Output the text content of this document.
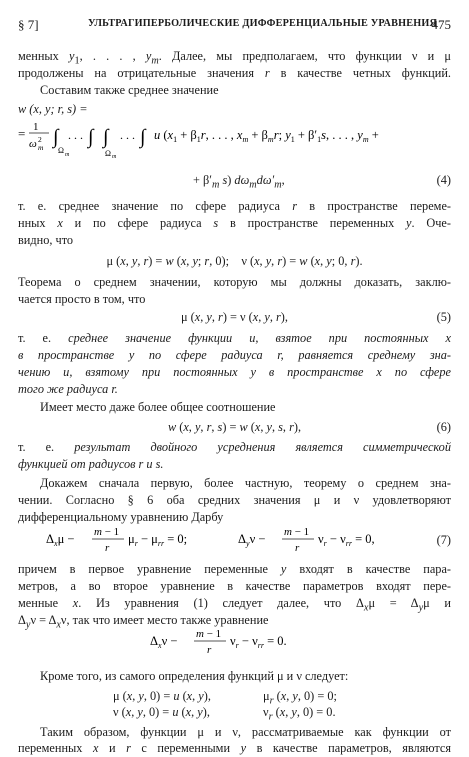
§ 7]	УЛЬТРАГИПЕРБОЛИЧЕСКИЕ ДИФФЕРЕНЦИАЛЬНЫЕ УРАВНЕНИЯ
475
менных $y_1$, . . . , $y_m$. Далее, мы предполагаем, что функции ν и μ
продолжены на отрицательные значения r в качестве четных функций.
Составим также среднее значение
w (x, y; r, s) =
= 1
ω 2
m ∫
Ω m
. . . ∫ ∫
Ω m
. . . ∫ u ($x_1 + \beta_1r$, . . . , $x_m + \beta_mr$; $y_1 + \beta'_1s$, . . . , $y_m$ +
+ $\beta'_m$ s) $d\omega_md\omega'_m$,	(4)
т. е. среднее значение по сфере радиуса r в пространстве переме-
нных x и по сфере радиуса s в пространстве переменных y. Оче-
видно, что
μ (x, y, r) = w (x, y; r, 0);    ν (x, y, r) = w (x, y; 0, r).
Теорема о среднем значении, которую мы должны доказать, заклю-
чается просто в том, что
μ (x, y, r) = ν (x, y, r),	(5)
т. е. среднее значение функции u, взятое при постоянных x
в пространстве y по сфере радиуса r, равняется среднему зна-
чению u, взятому при постоянных y в пространстве x по сфере
того же радиуса r.
Имеет место даже более общее соотношение
w (x, y, r, s) = w (x, y, s, r),	(6)
т. е. результат двойного усреднения является симметрической
функцией от радиусов r и s.
Докажем сначала первую, более частную, теорему о среднем зна-
чении. Согласно § 6 оба средних значения μ и ν удовлетворяют
дифференциальному уравнению Дарбу
$\Delta_x\mu - m - 1$
r
$\mu_r - \mu_{rr} = 0$;	$\Delta_y\nu - m - 1$
r
$\nu_r - \nu_{rr} = 0$,	(7)
причем в первое уравнение переменные y входят в качестве пара-
метров, а во второе уравнение в качестве параметров входят пере-
менные x. Из уравнения (1) следует далее, что $\Delta_x\mu = \Delta_y\mu$ и
$\Delta_y\nu = \Delta_x\nu$, так что имеет место также уравнение
$\Delta_x\nu - m - 1$
r
$\nu_r - \nu_{rr} = 0$.
Кроме того, из самого определения функций μ и ν следует:
μ (x, y, 0) = u (x, y),	$\mu_r$ (x, y, 0) = 0;
ν (x, y, 0) = u (x, y),	$\nu_r$ (x, y, 0) = 0.
Таким образом, функции μ и ν, рассматриваемые как функции от
переменных x и r с переменными y в качестве параметров, являются
